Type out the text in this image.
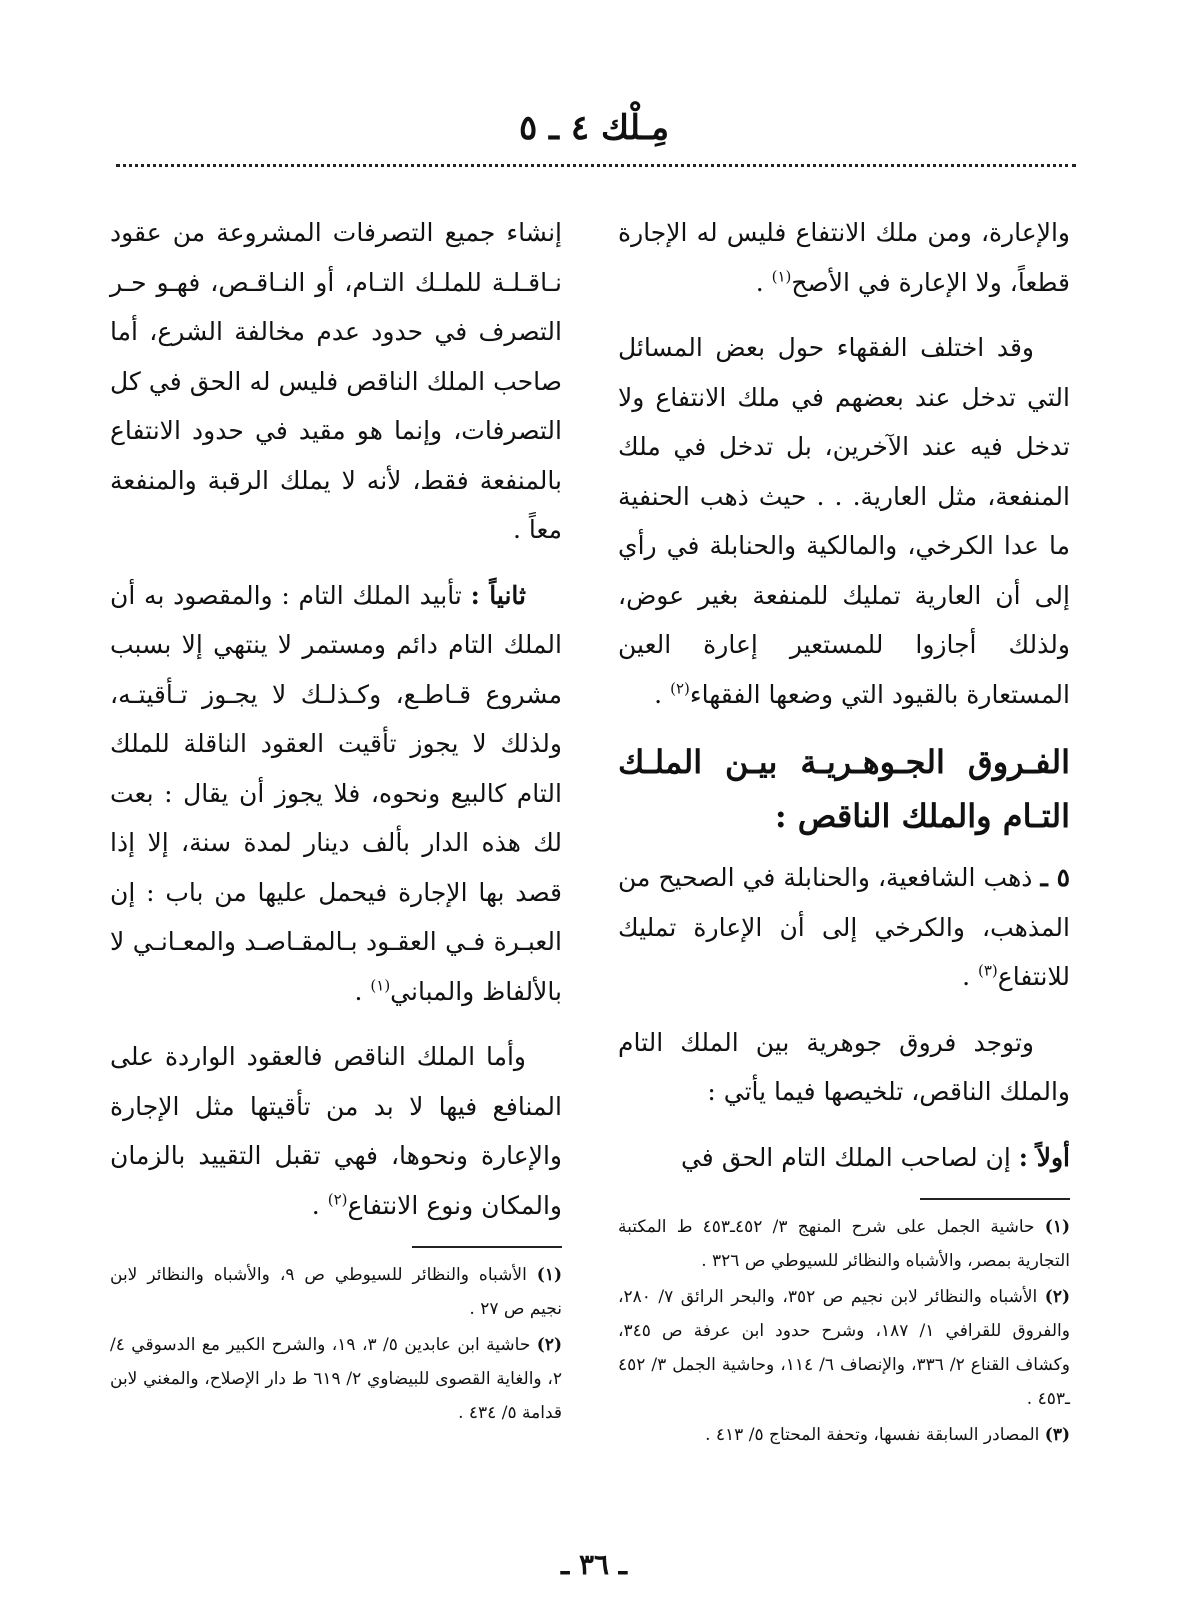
مِـلْك ٤ ـ ٥

والإعارة، ومن ملك الانتفاع فليس له الإجارة قطعاً، ولا الإعارة في الأصح$^{(١)}$ .

وقد اختلف الفقهاء حول بعض المسائل التي تدخل عند بعضهم في ملك الانتفاع ولا تدخل فيه عند الآخرين، بل تدخل في ملك المنفعة، مثل العارية. . . حيث ذهب الحنفية ما عدا الكرخي، والمالكية والحنابلة في رأي إلى أن العارية تمليك للمنفعة بغير عوض، ولذلك أجازوا للمستعير إعارة العين المستعارة بالقيود التي وضعها الفقهاء$^{(٢)}$ .

الفـروق الجـوهـريـة بيـن الملـك التـام والملك الناقص :

٥ ـ ذهب الشافعية، والحنابلة في الصحيح من المذهب، والكرخي إلى أن الإعارة تمليك للانتفاع$^{(٣)}$ .

وتوجد فروق جوهرية بين الملك التام والملك الناقص، تلخيصها فيما يأتي :

أولاً : إن لصاحب الملك التام الحق في

(١) حاشية الجمل على شرح المنهج ٣/ ٤٥٢ـ٤٥٣ ط المكتبة التجارية بمصر، والأشباه والنظائر للسيوطي ص ٣٢٦ .

(٢) الأشباه والنظائر لابن نجيم ص ٣٥٢، والبحر الرائق ٧/ ٢٨٠، والفروق للقرافي ١/ ١٨٧، وشرح حدود ابن عرفة ص ٣٤٥، وكشاف القناع ٢/ ٣٣٦، والإنصاف ٦/ ١١٤، وحاشية الجمل ٣/ ٤٥٢ ـ٤٥٣ .

(٣) المصادر السابقة نفسها، وتحفة المحتاج ٥/ ٤١٣ .

إنشاء جميع التصرفات المشروعة من عقود نـاقـلـة للملـك التـام، أو النـاقـص، فهـو حـر التصرف في حدود عدم مخالفة الشرع، أما صاحب الملك الناقص فليس له الحق في كل التصرفات، وإنما هو مقيد في حدود الانتفاع بالمنفعة فقط، لأنه لا يملك الرقبة والمنفعة معاً .

ثانياً : تأبيد الملك التام : والمقصود به أن الملك التام دائم ومستمر لا ينتهي إلا بسبب مشروع قـاطـع، وكـذلـك لا يجـوز تـأقيتـه، ولذلك لا يجوز تأقيت العقود الناقلة للملك التام كالبيع ونحوه، فلا يجوز أن يقال : بعت لك هذه الدار بألف دينار لمدة سنة، إلا إذا قصد بها الإجارة فيحمل عليها من باب : إن العبـرة فـي العقـود بـالمقـاصـد والمعـانـي لا بالألفاظ والمباني$^{(١)}$ .

وأما الملك الناقص فالعقود الواردة على المنافع فيها لا بد من تأقيتها مثل الإجارة والإعارة ونحوها، فهي تقبل التقييد بالزمان والمكان ونوع الانتفاع$^{(٢)}$ .

(١) الأشباه والنظائر للسيوطي ص ٩، والأشباه والنظائر لابن نجيم ص ٢٧ .

(٢) حاشية ابن عابدين ٥/ ٣، ١٩، والشرح الكبير مع الدسوقي ٤/ ٢، والغاية القصوى للبيضاوي ٢/ ٦١٩ ط دار الإصلاح، والمغني لابن قدامة ٥/ ٤٣٤ .

ـ ٣٦ ـ
